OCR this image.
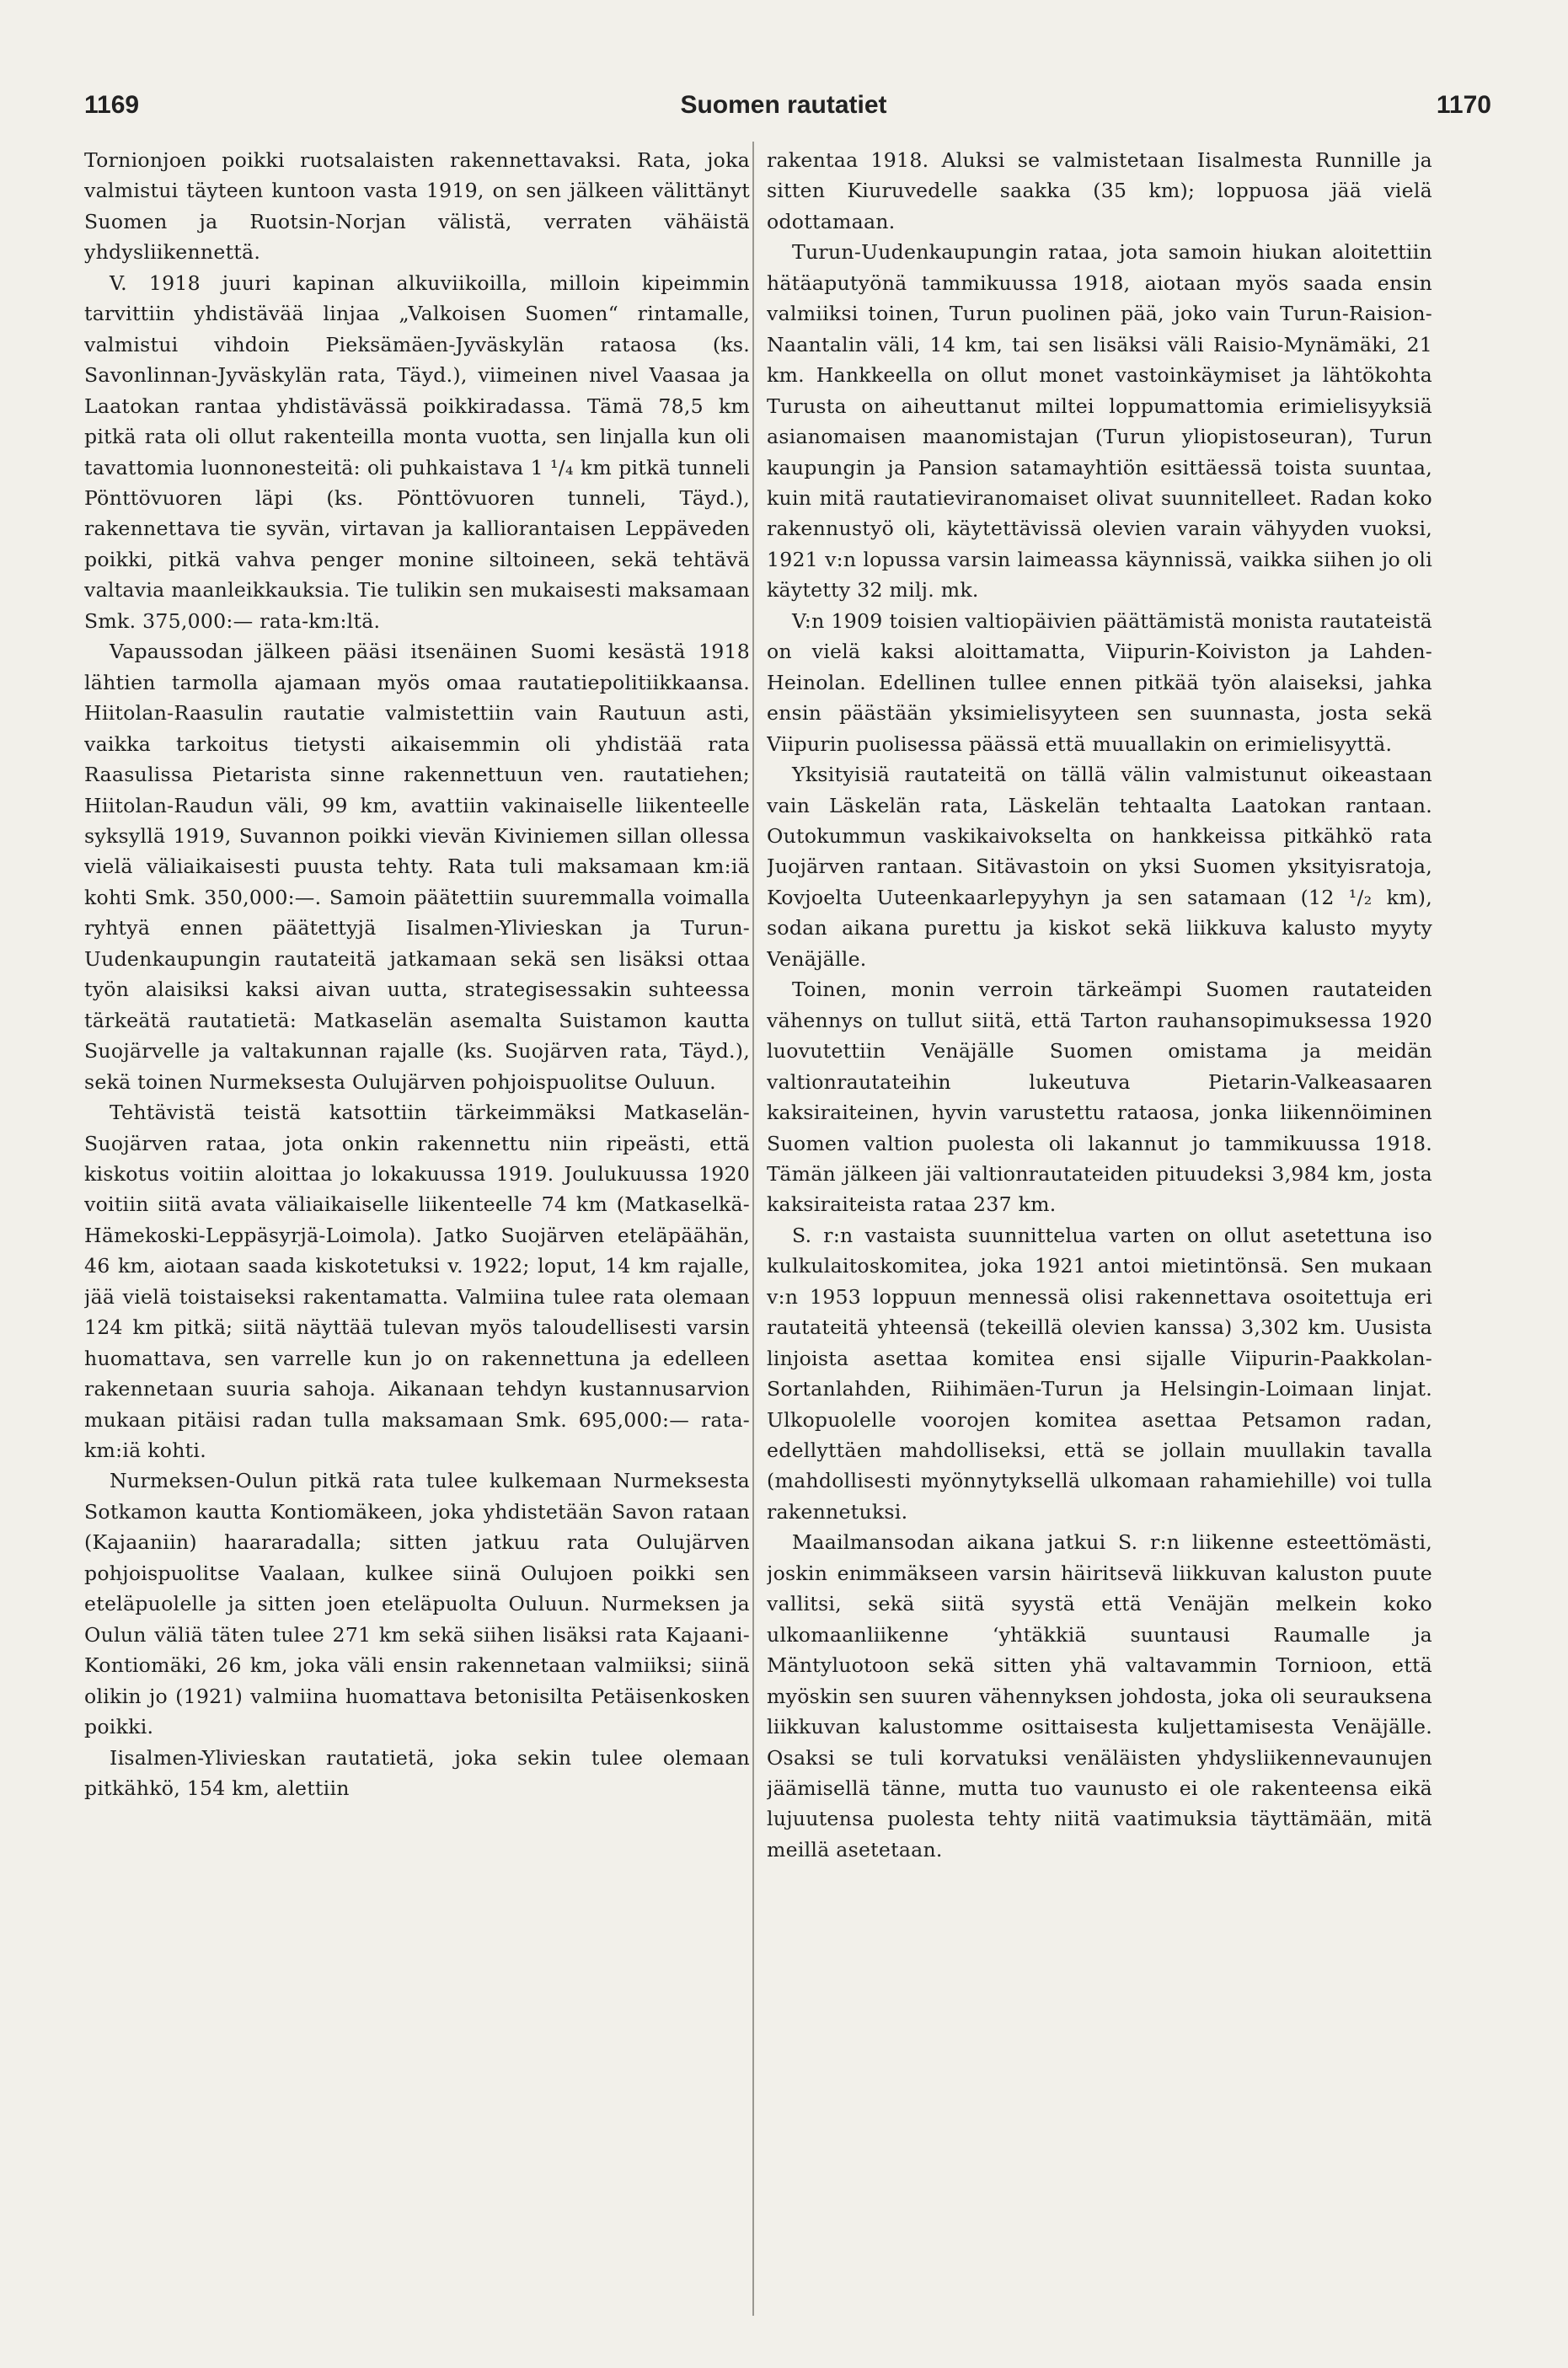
1169	Suomen rautatiet	1170

Tornionjoen poikki ruotsalaisten rakennettavaksi. Rata, joka valmistui täyteen kuntoon vasta 1919, on sen jälkeen välittänyt Suomen ja Ruotsin-Norjan välistä, verraten vähäistä yhdysliikennettä.

V. 1918 juuri kapinan alkuviikoilla, milloin kipeimmin tarvittiin yhdistävää linjaa „Valkoisen Suomen“ rintamalle, valmistui vihdoin Pieksämäen-Jyväskylän rataosa (ks. Savonlinnan-Jyväskylän rata, Täyd.), viimeinen nivel Vaasaa ja Laatokan rantaa yhdistävässä poikkiradassa. Tämä 78,5 km pitkä rata oli ollut rakenteilla monta vuotta, sen linjalla kun oli tavattomia luonnonesteitä: oli puhkaistava 1 ¹/₄ km pitkä tunneli Pönttövuoren läpi (ks. Pönttövuoren tunneli, Täyd.), rakennettava tie syvän, virtavan ja kalliorantaisen Leppäveden poikki, pitkä vahva penger monine siltoineen, sekä tehtävä valtavia maanleikkauksia. Tie tulikin sen mukaisesti maksamaan Smk. 375,000:— rata-km:ltä.

Vapaussodan jälkeen pääsi itsenäinen Suomi kesästä 1918 lähtien tarmolla ajamaan myös omaa rautatiepolitiikkaansa. Hiitolan-Raasulin rautatie valmistettiin vain Rautuun asti, vaikka tarkoitus tietysti aikaisemmin oli yhdistää rata Raasulissa Pietarista sinne rakennettuun ven. rautatiehen; Hiitolan-Raudun väli, 99 km, avattiin vakinaiselle liikenteelle syksyllä 1919, Suvannon poikki vievän Kiviniemen sillan ollessa vielä väliaikaisesti puusta tehty. Rata tuli maksamaan km:iä kohti Smk. 350,000:—. Samoin päätettiin suuremmalla voimalla ryhtyä ennen päätettyjä Iisalmen-Ylivieskan ja Turun-Uudenkaupungin rautateitä jatkamaan sekä sen lisäksi ottaa työn alaisiksi kaksi aivan uutta, strategisessakin suhteessa tärkeätä rautatietä: Matkaselän asemalta Suistamon kautta Suojärvelle ja valtakunnan rajalle (ks. Suojärven rata, Täyd.), sekä toinen Nurmeksesta Oulujärven pohjoispuolitse Ouluun.

Tehtävistä teistä katsottiin tärkeimmäksi Matkaselän-Suojärven rataa, jota onkin rakennettu niin ripeästi, että kiskotus voitiin aloittaa jo lokakuussa 1919. Joulukuussa 1920 voitiin siitä avata väliaikaiselle liikenteelle 74 km (Matkaselkä-Hämekoski-Leppäsyrjä-Loimola). Jatko Suojärven eteläpäähän, 46 km, aiotaan saada kiskotetuksi v. 1922; loput, 14 km rajalle, jää vielä toistaiseksi rakentamatta. Valmiina tulee rata olemaan 124 km pitkä; siitä näyttää tulevan myös taloudellisesti varsin huomattava, sen varrelle kun jo on rakennettuna ja edelleen rakennetaan suuria sahoja. Aikanaan tehdyn kustannusarvion mukaan pitäisi radan tulla maksamaan Smk. 695,000:— rata-km:iä kohti.

Nurmeksen-Oulun pitkä rata tulee kulkemaan Nurmeksesta Sotkamon kautta Kontiomäkeen, joka yhdistetään Savon rataan (Kajaaniin) haararadalla; sitten jatkuu rata Oulujärven pohjoispuolitse Vaalaan, kulkee siinä Oulujoen poikki sen eteläpuolelle ja sitten joen eteläpuolta Ouluun. Nurmeksen ja Oulun väliä täten tulee 271 km sekä siihen lisäksi rata Kajaani-Kontiomäki, 26 km, joka väli ensin rakennetaan valmiiksi; siinä olikin jo (1921) valmiina huomattava betonisilta Petäisenkosken poikki.

Iisalmen-Ylivieskan rautatietä, joka sekin tulee olemaan pitkähkö, 154 km, alettiin

rakentaa 1918. Aluksi se valmistetaan Iisalmesta Runnille ja sitten Kiuruvedelle saakka (35 km); loppuosa jää vielä odottamaan.

Turun-Uudenkaupungin rataa, jota samoin hiukan aloitettiin hätäaputyönä tammikuussa 1918, aiotaan myös saada ensin valmiiksi toinen, Turun puolinen pää, joko vain Turun-Raision-Naantalin väli, 14 km, tai sen lisäksi väli Raisio-Mynämäki, 21 km. Hankkeella on ollut monet vastoinkäymiset ja lähtökohta Turusta on aiheuttanut miltei loppumattomia erimielisyyksiä asianomaisen maanomistajan (Turun yliopistoseuran), Turun kaupungin ja Pansion satamayhtiön esittäessä toista suuntaa, kuin mitä rautatieviranomaiset olivat suunnitelleet. Radan koko rakennustyö oli, käytettävissä olevien varain vähyyden vuoksi, 1921 v:n lopussa varsin laimeassa käynnissä, vaikka siihen jo oli käytetty 32 milj. mk.

V:n 1909 toisien valtiopäivien päättämistä monista rautateistä on vielä kaksi aloittamatta, Viipurin-Koiviston ja Lahden-Heinolan. Edellinen tullee ennen pitkää työn alaiseksi, jahka ensin päästään yksimielisyyteen sen suunnasta, josta sekä Viipurin puolisessa päässä että muuallakin on erimielisyyttä.

Yksityisiä rautateitä on tällä välin valmistunut oikeastaan vain Läskelän rata, Läskelän tehtaalta Laatokan rantaan. Outokummun vaskikaivokselta on hankkeissa pitkähkö rata Juojärven rantaan. Sitävastoin on yksi Suomen yksityisratoja, Kovjoelta Uuteenkaarlepyyhyn ja sen satamaan (12 ¹/₂ km), sodan aikana purettu ja kiskot sekä liikkuva kalusto myyty Venäjälle.

Toinen, monin verroin tärkeämpi Suomen rautateiden vähennys on tullut siitä, että Tarton rauhansopimuksessa 1920 luovutettiin Venäjälle Suomen omistama ja meidän valtionrautateihin lukeutuva Pietarin-Valkeasaaren kaksiraiteinen, hyvin varustettu rataosa, jonka liikennöiminen Suomen valtion puolesta oli lakannut jo tammikuussa 1918. Tämän jälkeen jäi valtionrautateiden pituudeksi 3,984 km, josta kaksiraiteista rataa 237 km.

S. r:n vastaista suunnittelua varten on ollut asetettuna iso kulkulaitoskomitea, joka 1921 antoi mietintönsä. Sen mukaan v:n 1953 loppuun mennessä olisi rakennettava osoitettuja eri rautateitä yhteensä (tekeillä olevien kanssa) 3,302 km. Uusista linjoista asettaa komitea ensi sijalle Viipurin-Paakkolan-Sortanlahden, Riihimäen-Turun ja Helsingin-Loimaan linjat. Ulkopuolelle voorojen komitea asettaa Petsamon radan, edellyttäen mahdolliseksi, että se jollain muullakin tavalla (mahdollisesti myönnytyksellä ulkomaan rahamiehille) voi tulla rakennetuksi.

Maailmansodan aikana jatkui S. r:n liikenne esteettömästi, joskin enimmäkseen varsin häiritsevä liikkuvan kaluston puute vallitsi, sekä siitä syystä että Venäjän melkein koko ulkomaanliikenne ‘yhtäkkiä suuntausi Raumalle ja Mäntyluotoon sekä sitten yhä valtavammin Tornioon, että myöskin sen suuren vähennyksen johdosta, joka oli seurauksena liikkuvan kalustomme osittaisesta kuljettamisesta Venäjälle. Osaksi se tuli korvatuksi venäläisten yhdysliikennevaunujen jäämisellä tänne, mutta tuo vaunusto ei ole rakenteensa eikä lujuutensa puolesta tehty niitä vaatimuksia täyttämään, mitä meillä asetetaan.
